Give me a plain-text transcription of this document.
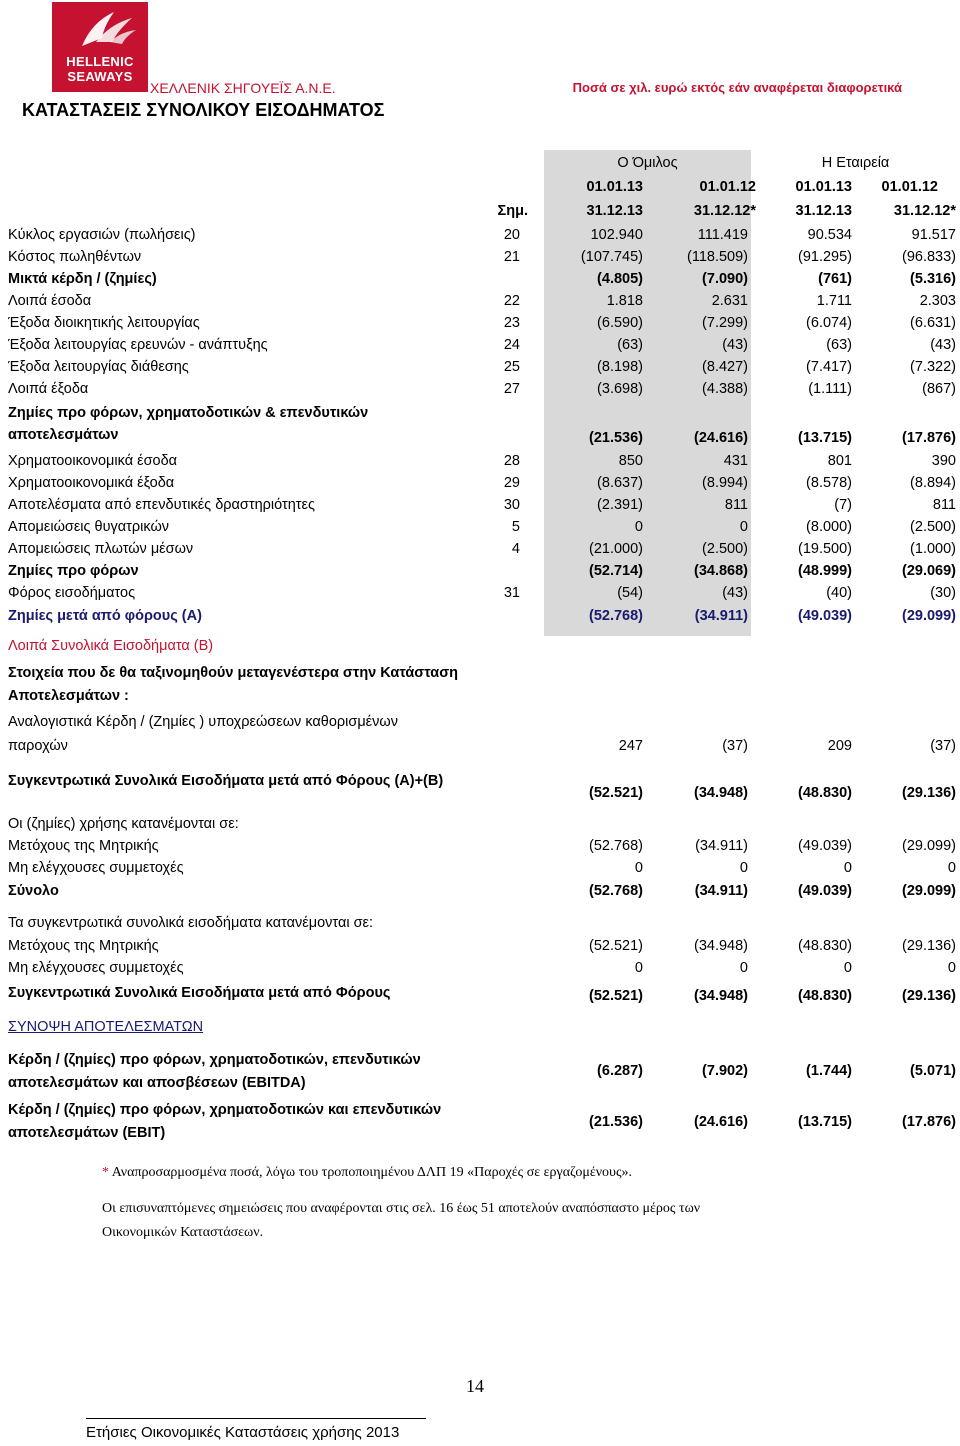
HELLENIC
SEAWAYS
ΧΕΛΛΕΝΙΚ ΣΗΓΟΥΕΪΣ Α.Ν.Ε.	Ποσά σε χιλ. ευρώ εκτός εάν αναφέρεται διαφορετικά
ΚΑΤΑΣΤΑΣΕΙΣ ΣΥΝΟΛΙΚΟΥ ΕΙΣΟΔΗΜΑΤΟΣ
Ο Όμιλος	Η Εταιρεία
01.01.13	01.01.12	01.01.13	01.01.12
Σημ.	31.12.13	31.12.12*	31.12.13	31.12.12*
Κύκλος εργασιών (πωλήσεις)	20	102.940	111.419	90.534	91.517
Κόστος πωληθέντων	21	(107.745)	(118.509)	(91.295)	(96.833)
Μικτά κέρδη / (ζημίες)	(4.805)	(7.090)	(761)	(5.316)
Λοιπά έσοδα	22	1.818	2.631	1.711	2.303
Έξοδα διοικητικής λειτουργίας	23	(6.590)	(7.299)	(6.074)	(6.631)
Έξοδα λειτουργίας ερευνών - ανάπτυξης	24	(63)	(43)	(63)	(43)
Έξοδα λειτουργίας διάθεσης	25	(8.198)	(8.427)	(7.417)	(7.322)
Λοιπά έξοδα	27	(3.698)	(4.388)	(1.111)	(867)
Ζημίες προ φόρων, χρηματοδοτικών & επενδυτικών
αποτελεσμάτων	(21.536)	(24.616)	(13.715)	(17.876)
Χρηματοοικονομικά έσοδα	28	850	431	801	390
Χρηματοοικονομικά έξοδα	29	(8.637)	(8.994)	(8.578)	(8.894)
Αποτελέσματα από επενδυτικές δραστηριότητες	30	(2.391)	811	(7)	811
Απομειώσεις θυγατρικών	5	0	0	(8.000)	(2.500)
Απομειώσεις πλωτών μέσων	4	(21.000)	(2.500)	(19.500)	(1.000)
Ζημίες προ φόρων	(52.714)	(34.868)	(48.999)	(29.069)
Φόρος εισοδήματος	31	(54)	(43)	(40)	(30)
Ζημίες μετά από φόρους (Α)	(52.768)	(34.911)	(49.039)	(29.099)
Λοιπά Συνολικά Εισοδήματα (Β)
Στοιχεία που δε θα ταξινομηθούν μεταγενέστερα στην Κατάσταση
Αποτελεσμάτων :
Αναλογιστικά Κέρδη / (Ζημίες ) υποχρεώσεων καθορισμένων
παροχών	247	(37)	209	(37)
Συγκεντρωτικά Συνολικά Εισοδήματα μετά από Φόρους (Α)+(Β)
(52.521)	(34.948)	(48.830)	(29.136)
Οι (ζημίες) χρήσης κατανέμονται σε:
Μετόχους της Μητρικής	(52.768)	(34.911)	(49.039)	(29.099)
Μη ελέγχουσες συμμετοχές	0	0	0	0
Σύνολο	(52.768)	(34.911)	(49.039)	(29.099)
Τα συγκεντρωτικά συνολικά εισοδήματα κατανέμονται σε:
Μετόχους της Μητρικής	(52.521)	(34.948)	(48.830)	(29.136)
Μη ελέγχουσες συμμετοχές	0	0	0	0
Συγκεντρωτικά Συνολικά Εισοδήματα μετά από Φόρους	(52.521)	(34.948)	(48.830)	(29.136)
ΣΥΝΟΨΗ ΑΠΟΤΕΛΕΣΜΑΤΩΝ
Κέρδη / (ζημίες) προ φόρων, χρηματοδοτικών, επενδυτικών
αποτελεσμάτων και αποσβέσεων (EBITDA)
(6.287)	(7.902)	(1.744)	(5.071)
Κέρδη / (ζημίες) προ φόρων, χρηματοδοτικών και επενδυτικών
αποτελεσμάτων (EBIT)
(21.536)	(24.616)	(13.715)	(17.876)
* Αναπροσαρμοσμένα ποσά, λόγω του τροποποιημένου ΔΛΠ 19 «Παροχές σε εργαζομένους».
Οι επισυναπτόμενες σημειώσεις που αναφέρονται στις σελ. 16 έως 51 αποτελούν αναπόσπαστο μέρος των
Οικονομικών Καταστάσεων.
14
Ετήσιες Οικονομικές Καταστάσεις χρήσης 2013
